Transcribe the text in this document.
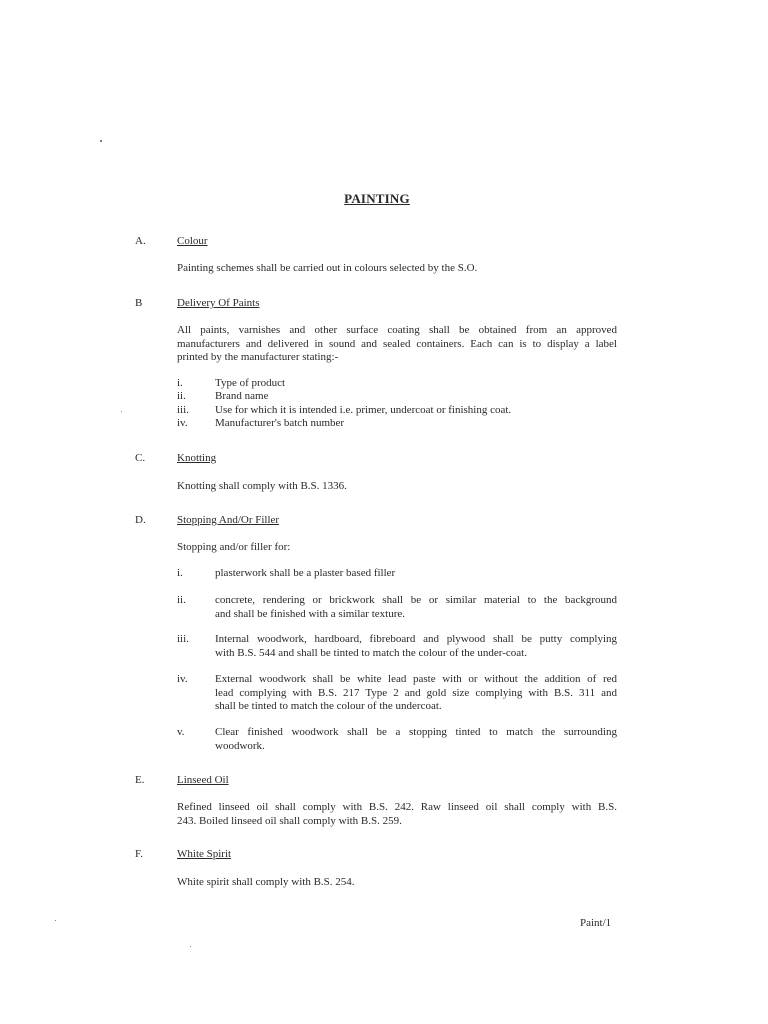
PAINTING
A.	Colour
Painting schemes shall be carried out in colours selected by the S.O.
B	Delivery Of Paints
All paints, varnishes and other surface coating shall be obtained from an approved
manufacturers and delivered in sound and sealed containers. Each can is to display a label
printed by the manufacturer stating:-
i.	Type of product
ii.	Brand name
iii. Use for which it is intended i.e. primer, undercoat or finishing coat.
iv. Manufacturer's batch number
C.	Knotting
Knotting shall comply with B.S. 1336.
D.	Stopping And/Or Filler
Stopping and/or filler for:
i.	plasterwork shall be a plaster based filler
ii.	concrete, rendering or brickwork shall be or similar material to the background
and shall be finished with a similar texture.
iii. Internal woodwork, hardboard, fibreboard and plywood shall be putty complying
with B.S. 544 and shall be tinted to match the colour of the under-coat.
iv. External woodwork shall be white lead paste with or without the addition of red
lead complying with B.S. 217 Type 2 and gold size complying with B.S. 311 and
shall be tinted to match the colour of the undercoat.
v.	Clear finished woodwork shall be a stopping tinted to match the surrounding
woodwork.
E.	Linseed Oil
Refined linseed oil shall comply with B.S. 242. Raw linseed oil shall comply with B.S.
243. Boiled linseed oil shall comply with B.S. 259.
F.	White Spirit
White spirit shall comply with B.S. 254.
Paint/1
